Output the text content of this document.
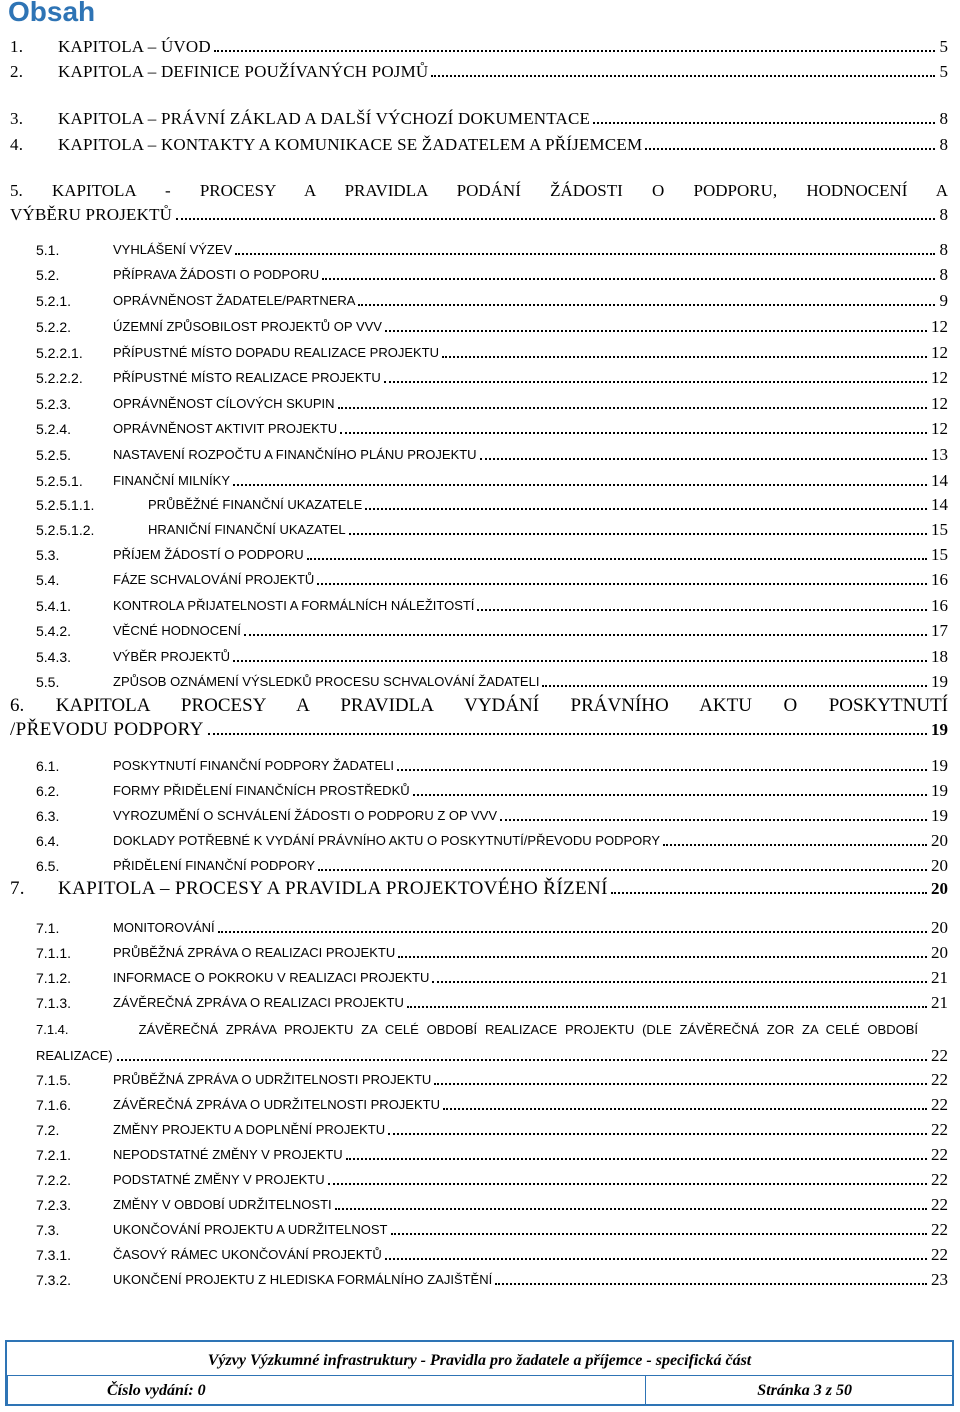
Obsah
1. KAPITOLA – ÚVOD	5
2. KAPITOLA – DEFINICE POUŽÍVANÝCH POJMŮ	5
3. KAPITOLA – PRÁVNÍ ZÁKLAD A DALŠÍ VÝCHOZÍ DOKUMENTACE	8
4. KAPITOLA – KONTAKTY A KOMUNIKACE SE ŽADATELEM A PŘÍJEMCEM	8
5. KAPITOLA - PROCESY A PRAVIDLA PODÁNÍ ŽÁDOSTI O PODPORU, HODNOCENÍ A
VÝBĚRU PROJEKTŮ	8
5.1.	VYHLÁŠENÍ VÝZEV	8
5.2.	PŘÍPRAVA ŽÁDOSTI O PODPORU	8
5.2.1.	OPRÁVNĚNOST ŽADATELE/PARTNERA	9
5.2.2.	ÚZEMNÍ ZPŮSOBILOST PROJEKTŮ OP VVV	12
5.2.2.1. PŘÍPUSTNÉ MÍSTO DOPADU REALIZACE PROJEKTU	12
5.2.2.2. PŘÍPUSTNÉ MÍSTO REALIZACE PROJEKTU	12
5.2.3.	OPRÁVNĚNOST CÍLOVÝCH SKUPIN	12
5.2.4.	OPRÁVNĚNOST AKTIVIT PROJEKTU	12
5.2.5.	NASTAVENÍ ROZPOČTU A FINANČNÍHO PLÁNU PROJEKTU	13
5.2.5.1. FINANČNÍ MILNÍKY	14
5.2.5.1.1.	PRŮBĚŽNÉ FINANČNÍ UKAZATELE	14
5.2.5.1.2.	HRANIČNÍ FINANČNÍ UKAZATEL	15
5.3.	PŘÍJEM ŽÁDOSTÍ O PODPORU	15
5.4.	FÁZE SCHVALOVÁNÍ PROJEKTŮ	16
5.4.1.	KONTROLA PŘIJATELNOSTI A FORMÁLNÍCH NÁLEŽITOSTÍ	16
5.4.2.	VĚCNÉ HODNOCENÍ	17
5.4.3.	VÝBĚR PROJEKTŮ	18
5.5.	ZPŮSOB OZNÁMENÍ VÝSLEDKŮ PROCESU SCHVALOVÁNÍ ŽADATELI	19
6. KAPITOLA PROCESY A PRAVIDLA VYDÁNÍ PRÁVNÍHO AKTU O POSKYTNUTÍ
/PŘEVODU PODPORY	19
6.1.	POSKYTNUTÍ FINANČNÍ PODPORY ŽADATELI	19
6.2.	FORMY PŘIDĚLENÍ FINANČNÍCH PROSTŘEDKŮ	19
6.3.	VYROZUMĚNÍ O SCHVÁLENÍ ŽÁDOSTI O PODPORU Z OP VVV	19
6.4.	DOKLADY POTŘEBNÉ K VYDÁNÍ PRÁVNÍHO AKTU O POSKYTNUTÍ/PŘEVODU PODPORY	20
6.5.	PŘIDĚLENÍ FINANČNÍ PODPORY	20
7. KAPITOLA – PROCESY A PRAVIDLA PROJEKTOVÉHO ŘÍZENÍ	20
7.1.	MONITOROVÁNÍ	20
7.1.1.	PRŮBĚŽNÁ ZPRÁVA O REALIZACI PROJEKTU	20
7.1.2.	INFORMACE O POKROKU V REALIZACI PROJEKTU	21
7.1.3.	ZÁVĚREČNÁ ZPRÁVA O REALIZACI PROJEKTU	21
7.1.4.         ZÁVĚREČNÁ ZPRÁVA PROJEKTU ZA CELÉ OBDOBÍ REALIZACE PROJEKTU (DLE ZÁVĚREČNÁ ZOR ZA CELÉ OBDOBÍ
REALIZACE)	22
7.1.5.	PRŮBĚŽNÁ ZPRÁVA O UDRŽITELNOSTI PROJEKTU	22
7.1.6.	ZÁVĚREČNÁ ZPRÁVA O UDRŽITELNOSTI PROJEKTU	22
7.2.	ZMĚNY PROJEKTU A DOPLNĚNÍ PROJEKTU	22
7.2.1.	NEPODSTATNÉ ZMĚNY V PROJEKTU	22
7.2.2.	PODSTATNÉ ZMĚNY V PROJEKTU	22
7.2.3.	ZMĚNY V OBDOBÍ UDRŽITELNOSTI	22
7.3.	UKONČOVÁNÍ PROJEKTU A UDRŽITELNOST	22
7.3.1.	ČASOVÝ RÁMEC UKONČOVÁNÍ PROJEKTŮ	22
7.3.2.	UKONČENÍ PROJEKTU Z HLEDISKA FORMÁLNÍHO ZAJIŠTĚNÍ	23
Výzvy Výzkumné infrastruktury - Pravidla pro žadatele a příjemce - specifická část
Číslo vydání: 0	Stránka 3 z 50
